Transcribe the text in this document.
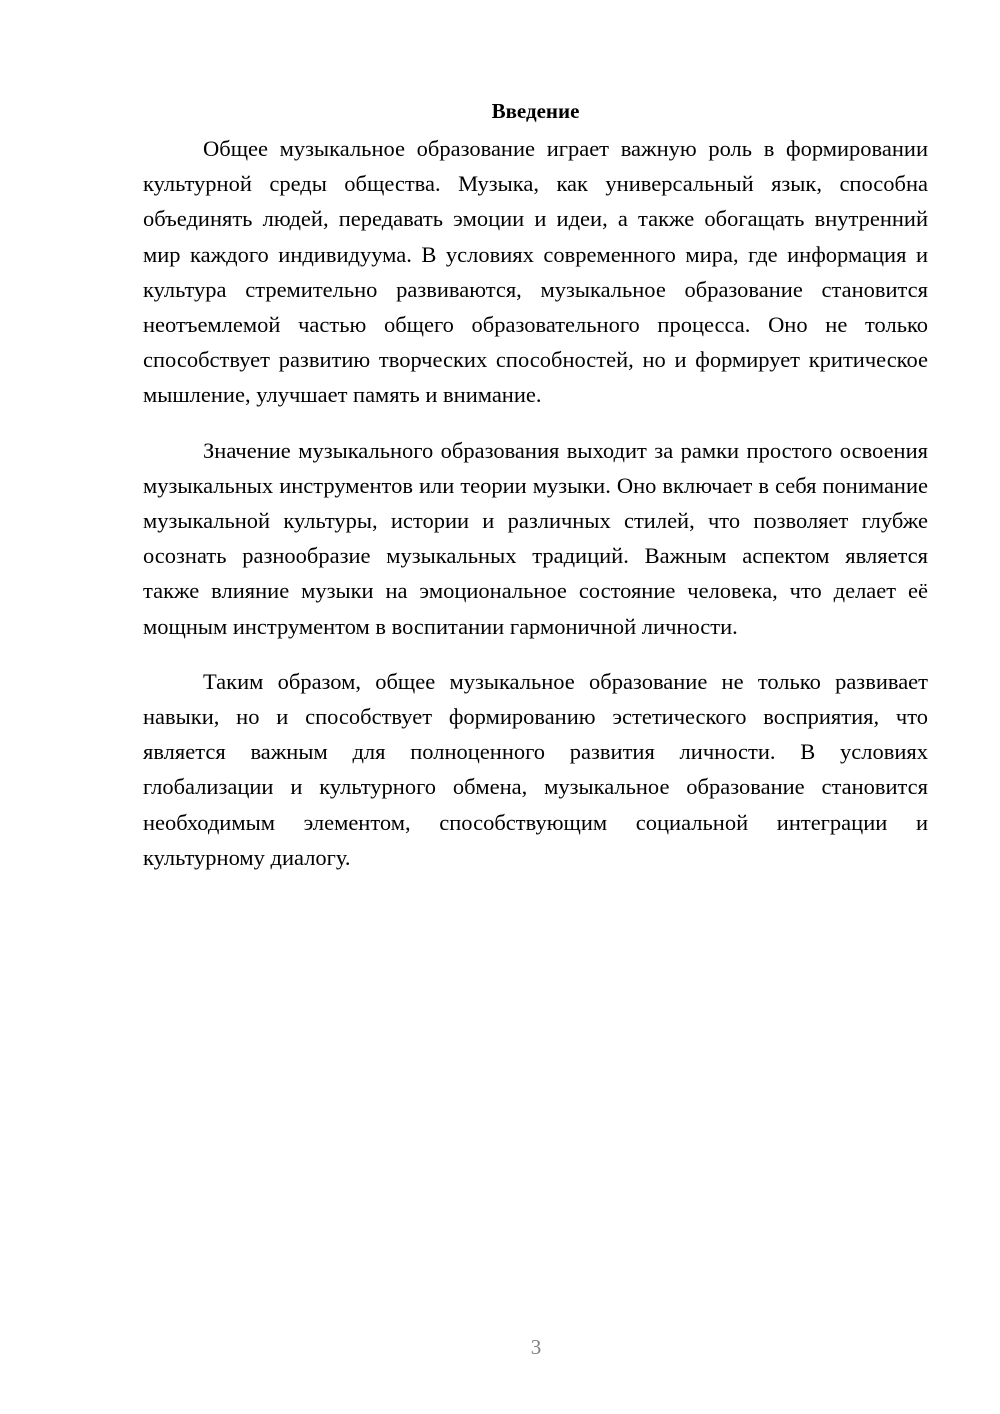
Введение

Общее музыкальное образование играет важную роль в формировании культурной среды общества. Музыка, как универсальный язык, способна объединять людей, передавать эмоции и идеи, а также обогащать внутренний мир каждого индивидуума. В условиях современного мира, где информация и культура стремительно развиваются, музыкальное образование становится неотъемлемой частью общего образовательного процесса. Оно не только способствует развитию творческих способностей, но и формирует критическое мышление, улучшает память и внимание.

Значение музыкального образования выходит за рамки простого освоения музыкальных инструментов или теории музыки. Оно включает в себя понимание музыкальной культуры, истории и различных стилей, что позволяет глубже осознать разнообразие музыкальных традиций. Важным аспектом является также влияние музыки на эмоциональное состояние человека, что делает её мощным инструментом в воспитании гармоничной личности.

Таким образом, общее музыкальное образование не только развивает навыки, но и способствует формированию эстетического восприятия, что является важным для полноценного развития личности. В условиях глобализации и культурного обмена, музыкальное образование становится необходимым элементом, способствующим социальной интеграции и культурному диалогу.

3
